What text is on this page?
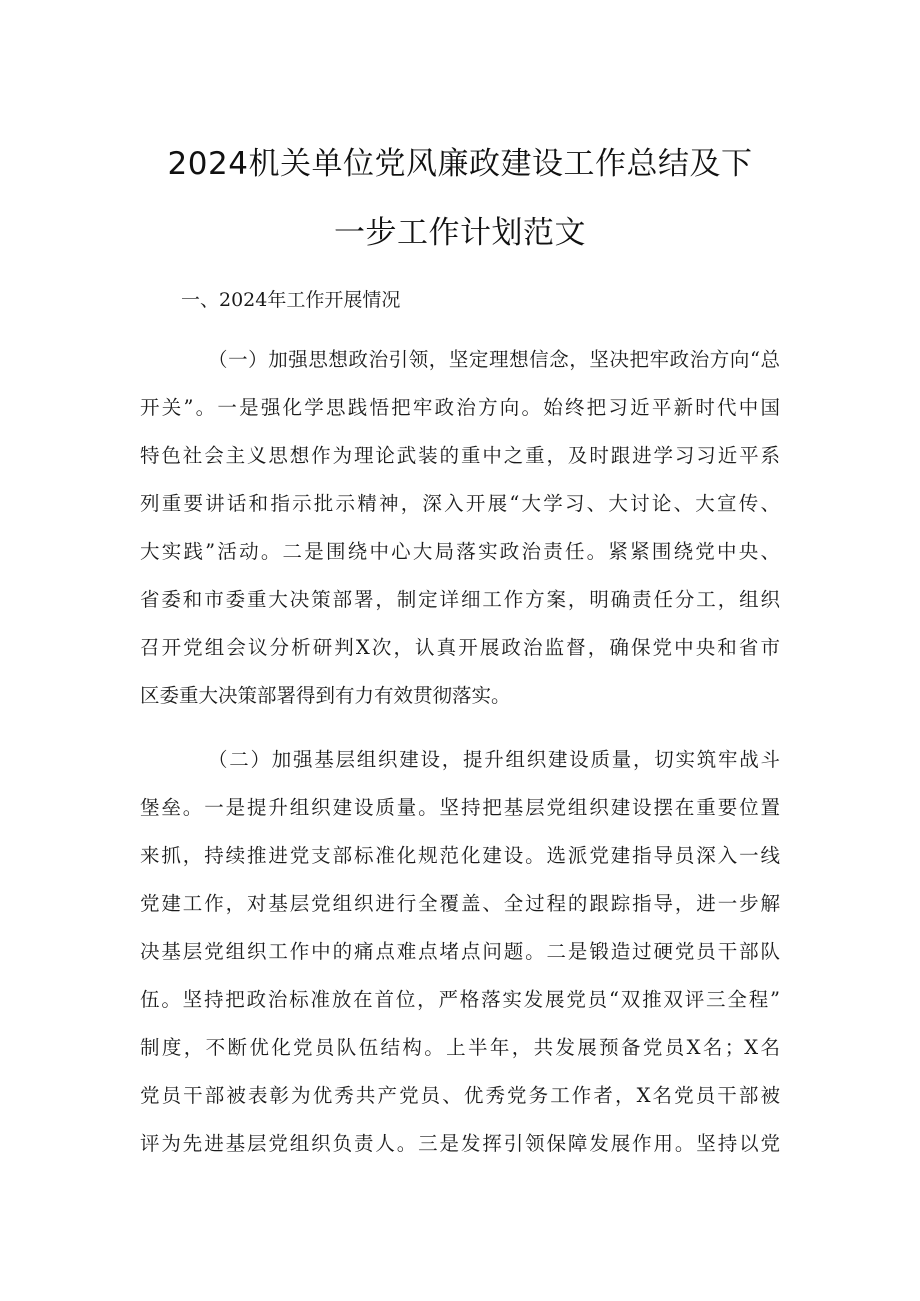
2024机关单位党风廉政建设工作总结及下
一步工作计划范文
一、2024年工作开展情况
（一）加强思想政治引领，坚定理想信念，坚决把牢政治方向“总
开关”。一是强化学思践悟把牢政治方向。始终把习近平新时代中国
特色社会主义思想作为理论武装的重中之重，及时跟进学习习近平系
列重要讲话和指示批示精神，深入开展“大学习、大讨论、大宣传、
大实践”活动。二是围绕中心大局落实政治责任。紧紧围绕党中央、
省委和市委重大决策部署，制定详细工作方案，明确责任分工，组织
召开党组会议分析研判X次，认真开展政治监督，确保党中央和省市
区委重大决策部署得到有力有效贯彻落实。
（二）加强基层组织建设，提升组织建设质量，切实筑牢战斗
堡垒。一是提升组织建设质量。坚持把基层党组织建设摆在重要位置
来抓，持续推进党支部标准化规范化建设。选派党建指导员深入一线
党建工作，对基层党组织进行全覆盖、全过程的跟踪指导，进一步解
决基层党组织工作中的痛点难点堵点问题。二是锻造过硬党员干部队
伍。坚持把政治标准放在首位，严格落实发展党员“双推双评三全程”
制度，不断优化党员队伍结构。上半年，共发展预备党员X名；X名
党员干部被表彰为优秀共产党员、优秀党务工作者，X名党员干部被
评为先进基层党组织负责人。三是发挥引领保障发展作用。坚持以党
